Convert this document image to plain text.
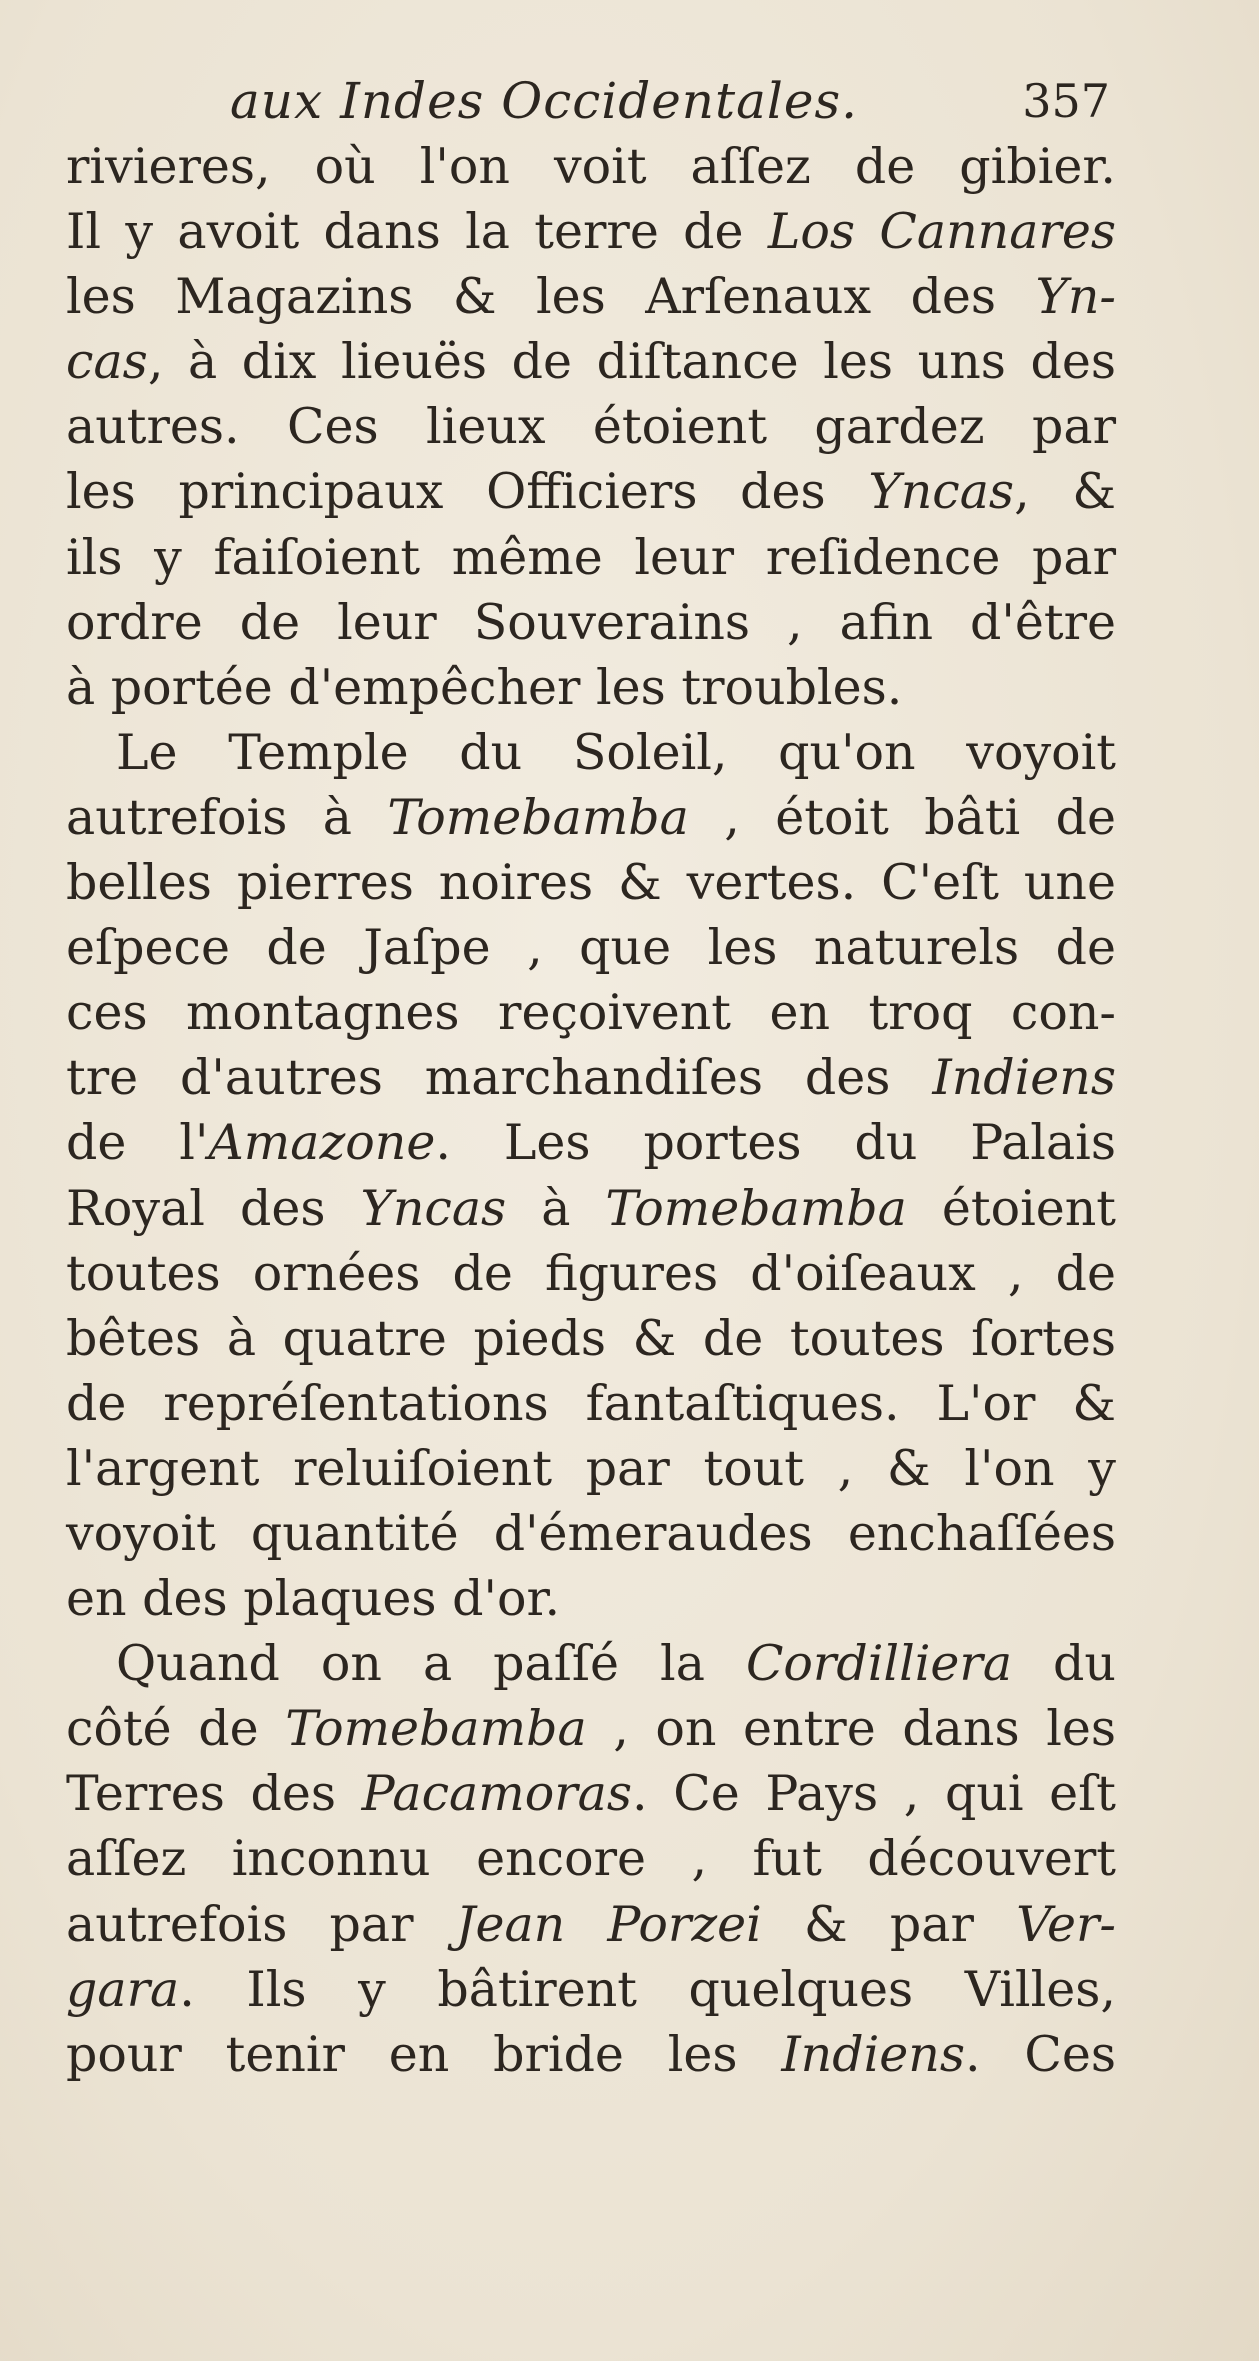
aux Indes Occidentales.	357
rivieres, où l'on voit aſſez de gibier.
Il y avoit dans la terre de Los Cannares
les Magazins & les Arſenaux des Yn-
cas, à dix lieuës de diſtance les uns des
autres. Ces lieux étoient gardez par
les principaux Officiers des Yncas, &
ils y faiſoient même leur reſidence par
ordre de leur Souverains , afin d'être
à portée d'empêcher les troubles.
Le Temple du Soleil, qu'on voyoit
autrefois à Tomebamba , étoit bâti de
belles pierres noires & vertes. C'eſt une
eſpece de Jaſpe , que les naturels de
ces montagnes reçoivent en troq con-
tre d'autres marchandiſes des Indiens
de l'Amazone. Les portes du Palais
Royal des Yncas à Tomebamba étoient
toutes ornées de figures d'oiſeaux , de
bêtes à quatre pieds & de toutes ſortes
de repréſentations fantaſtiques. L'or &
l'argent reluiſoient par tout , & l'on y
voyoit quantité d'émeraudes enchaſſées
en des plaques d'or.
Quand on a paſſé la Cordilliera du
côté de Tomebamba , on entre dans les
Terres des Pacamoras. Ce Pays , qui eſt
aſſez inconnu encore , fut découvert
autrefois par Jean Porzei & par Ver-
gara. Ils y bâtirent quelques Villes,
pour tenir en bride les Indiens. Ces
